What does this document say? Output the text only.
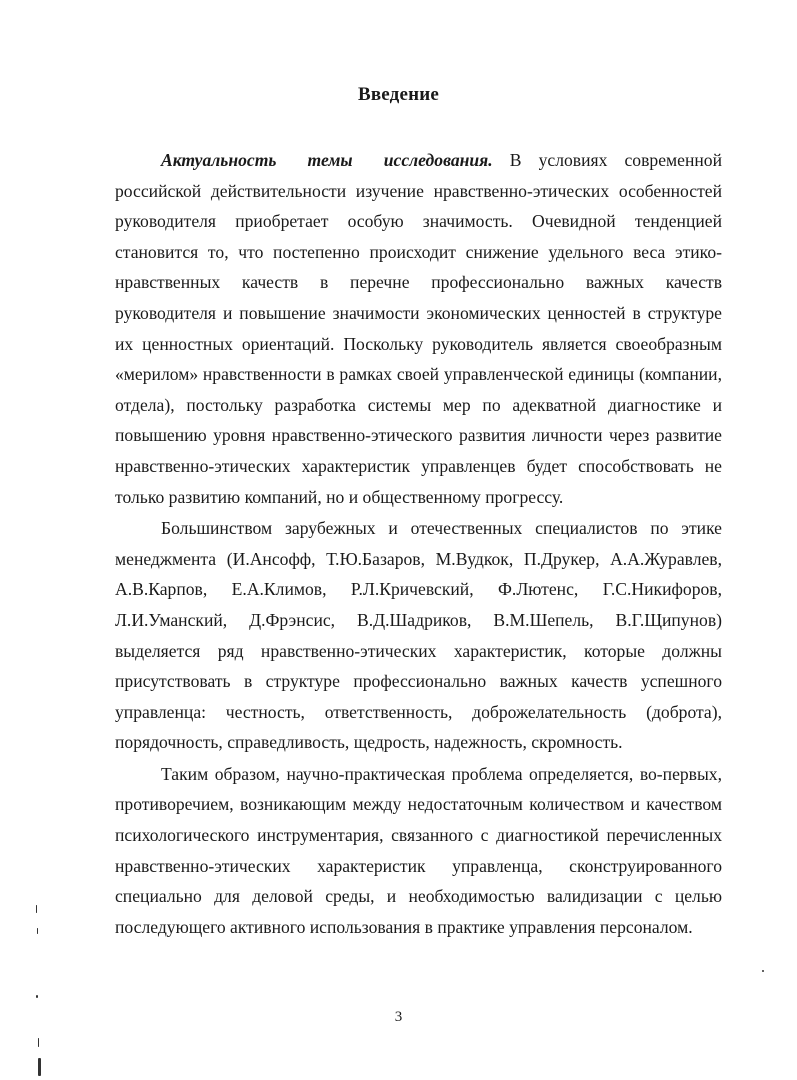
Введение

Актуальность темы исследования. В условиях современной российской действительности изучение нравственно-этических особенностей руководителя приобретает особую значимость. Очевидной тенденцией становится то, что постепенно происходит снижение удельного веса этико-нравственных качеств в перечне профессионально важных качеств руководителя и повышение значимости экономических ценностей в структуре их ценностных ориентаций. Поскольку руководитель является своеобразным «мерилом» нравственности в рамках своей управленческой единицы (компании, отдела), постольку разработка системы мер по адекватной диагностике и повышению уровня нравственно-этического развития личности через развитие нравственно-этических характеристик управленцев будет способствовать не только развитию компаний, но и общественному прогрессу.

Большинством зарубежных и отечественных специалистов по этике менеджмента (И.Ансофф, Т.Ю.Базаров, М.Вудкок, П.Друкер, А.А.Журавлев, А.В.Карпов, Е.А.Климов, Р.Л.Кричевский, Ф.Лютенс, Г.С.Никифоров, Л.И.Уманский, Д.Фрэнсис, В.Д.Шадриков, В.М.Шепель, В.Г.Щипунов) выделяется ряд нравственно-этических характеристик, которые должны присутствовать в структуре профессионально важных качеств успешного управленца: честность, ответственность, доброжелательность (доброта), порядочность, справедливость, щедрость, надежность, скромность.

Таким образом, научно-практическая проблема определяется, во-первых, противоречием, возникающим между недостаточным количеством и качеством психологического инструментария, связанного с диагностикой перечисленных нравственно-этических характеристик управленца, сконструированного специально для деловой среды, и необходимостью валидизации с целью последующего активного использования в практике управления персоналом.

3
